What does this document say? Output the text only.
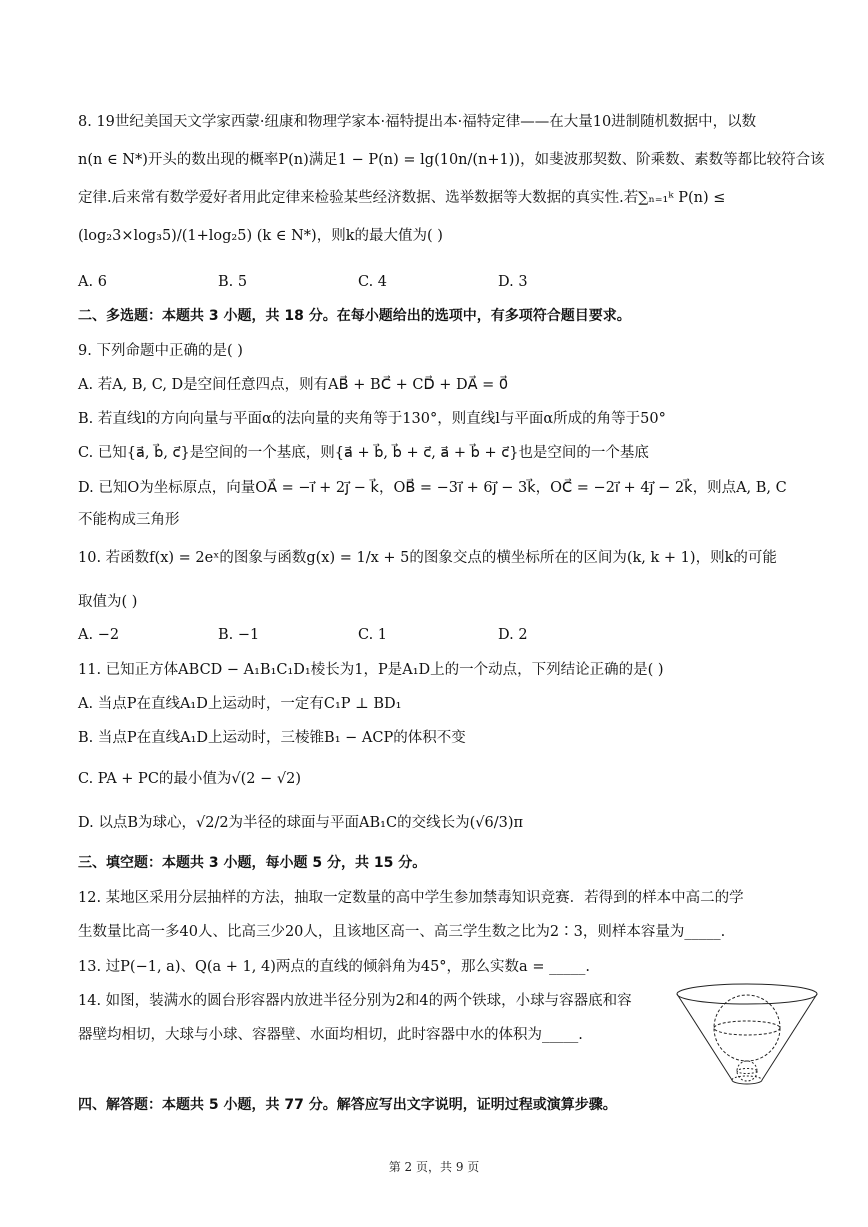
8. 19世纪美国天文学家西蒙·纽康和物理学家本·福特提出本·福特定律——在大量10进制随机数据中，以数
n(n ∈ N*)开头的数出现的概率P(n)满足1 − P(n) = lg(10n/(n+1))，如斐波那契数、阶乘数、素数等都比较符合该
定律.后来常有数学爱好者用此定律来检验某些经济数据、选举数据等大数据的真实性.若∑ₙ₌₁ᵏ P(n) ≤
(log₂3×log₃5)/(1+log₂5) (k ∈ N*)，则k的最大值为( )
A. 6	B. 5	C. 4	D. 3
二、多选题：本题共 3 小题，共 18 分。在每小题给出的选项中，有多项符合题目要求。
9. 下列命题中正确的是( )
A. 若A, B, C, D是空间任意四点，则有AB⃗ + BC⃗ + CD⃗ + DA⃗ = 0⃗
B. 若直线l的方向向量与平面α的法向量的夹角等于130°，则直线l与平面α所成的角等于50°
C. 已知{a⃗, b⃗, c⃗}是空间的一个基底，则{a⃗ + b⃗, b⃗ + c⃗, a⃗ + b⃗ + c⃗}也是空间的一个基底
D. 已知O为坐标原点，向量OA⃗ = −i⃗ + 2j⃗ − k⃗，OB⃗ = −3i⃗ + 6j⃗ − 3k⃗，OC⃗ = −2i⃗ + 4j⃗ − 2k⃗，则点A, B, C
不能构成三角形
10. 若函数f(x) = 2eˣ的图象与函数g(x) = 1/x + 5的图象交点的横坐标所在的区间为(k, k + 1)，则k的可能
取值为( )
A. −2	B. −1	C. 1	D. 2
11. 已知正方体ABCD − A₁B₁C₁D₁棱长为1，P是A₁D上的一个动点，下列结论正确的是( )
A. 当点P在直线A₁D上运动时，一定有C₁P ⊥ BD₁
B. 当点P在直线A₁D上运动时，三棱锥B₁ − ACP的体积不变
C. PA + PC的最小值为√(2 − √2)
D. 以点B为球心，√2/2为半径的球面与平面AB₁C的交线长为(√6/3)π
三、填空题：本题共 3 小题，每小题 5 分，共 15 分。
12. 某地区采用分层抽样的方法，抽取一定数量的高中学生参加禁毒知识竞赛．若得到的样本中高二的学
生数量比高一多40人、比高三少20人，且该地区高一、高三学生数之比为2∶3，则样本容量为_____.
13. 过P(−1, a)、Q(a + 1, 4)两点的直线的倾斜角为45°，那么实数a = _____.
14. 如图，装满水的圆台形容器内放进半径分别为2和4的两个铁球，小球与容器底和容
器壁均相切，大球与小球、容器壁、水面均相切，此时容器中水的体积为_____.
四、解答题：本题共 5 小题，共 77 分。解答应写出文字说明，证明过程或演算步骤。
第 2 页，共 9 页
